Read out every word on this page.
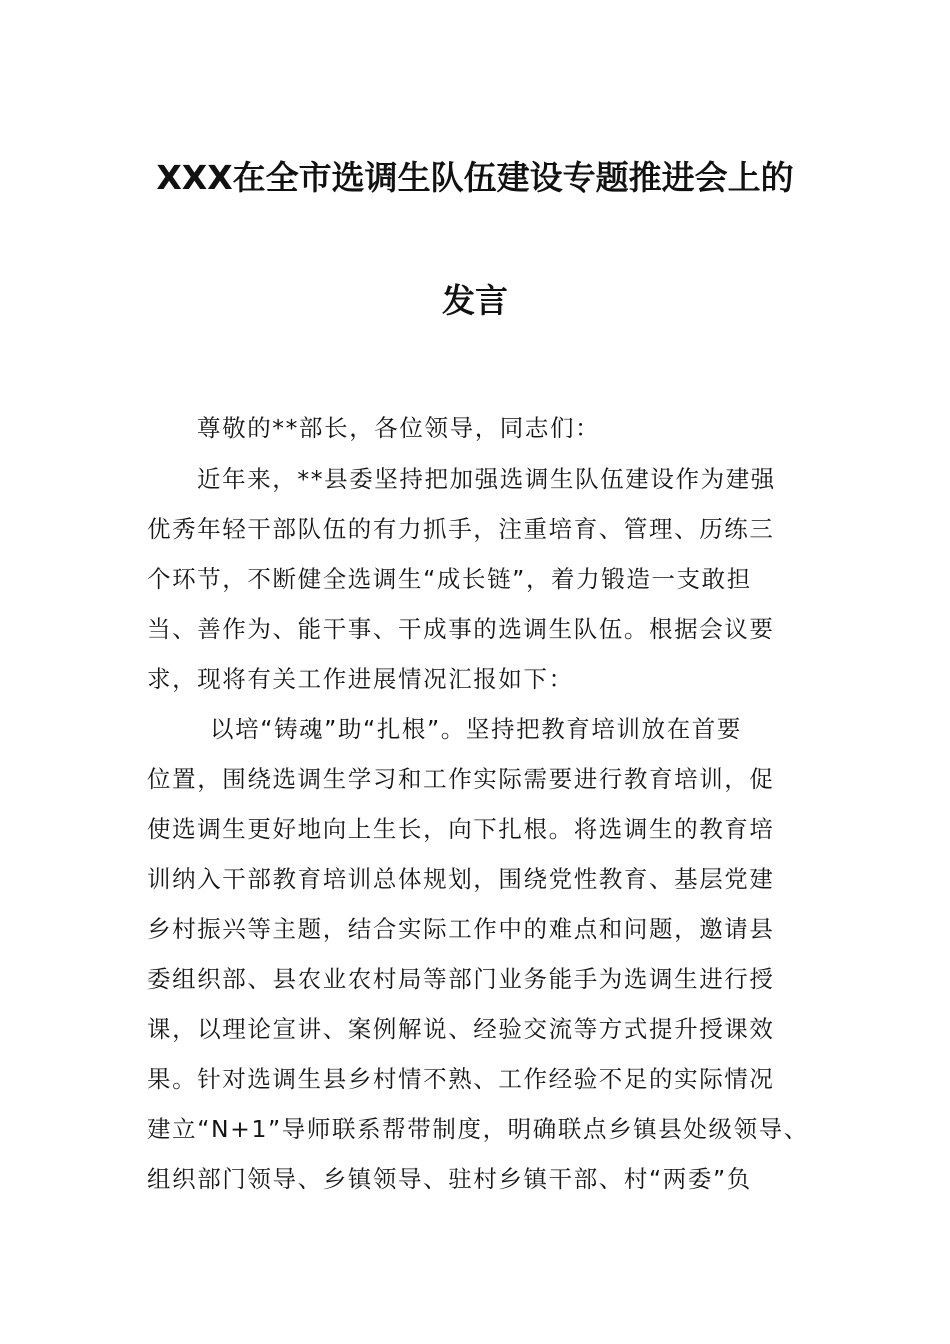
XXX在全市选调生队伍建设专题推进会上的
发言
尊敬的**部长，各位领导，同志们：
近年来，**县委坚持把加强选调生队伍建设作为建强
优秀年轻干部队伍的有力抓手，注重培育、管理、历练三
个环节，不断健全选调生“成长链”，着力锻造一支敢担
当、善作为、能干事、干成事的选调生队伍。根据会议要
求，现将有关工作进展情况汇报如下：
以培“铸魂”助“扎根”。坚持把教育培训放在首要
位置，围绕选调生学习和工作实际需要进行教育培训，促
使选调生更好地向上生长，向下扎根。将选调生的教育培
训纳入干部教育培训总体规划，围绕党性教育、基层党建
乡村振兴等主题，结合实际工作中的难点和问题，邀请县
委组织部、县农业农村局等部门业务能手为选调生进行授
课，以理论宣讲、案例解说、经验交流等方式提升授课效
果。针对选调生县乡村情不熟、工作经验不足的实际情况
建立“N+1”导师联系帮带制度，明确联点乡镇县处级领导、
组织部门领导、乡镇领导、驻村乡镇干部、村“两委”负
